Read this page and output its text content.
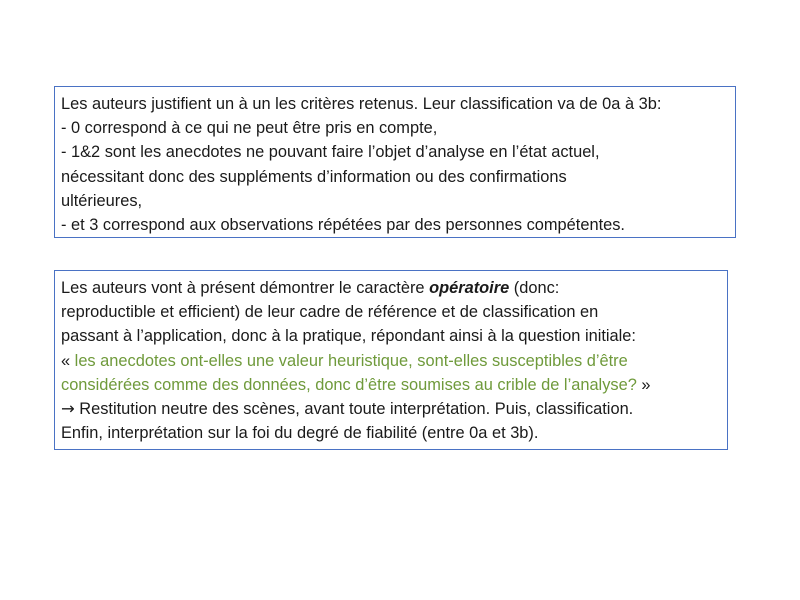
Les auteurs justifient un à un les critères retenus. Leur classification va de 0a à 3b:
- 0 correspond à ce qui ne peut être pris en compte,
- 1&2 sont les anecdotes ne pouvant faire l’objet d’analyse en l’état actuel,
nécessitant donc des suppléments d’information ou des confirmations
ultérieures,
- et 3 correspond aux observations répétées par des personnes compétentes.
Les auteurs vont à présent démontrer le caractère opératoire (donc:
reproductible et efficient) de leur cadre de référence et de classification en
passant à l’application, donc à la pratique, répondant ainsi à la question initiale:
« les anecdotes ont-elles une valeur heuristique, sont-elles susceptibles d’être
considérées comme des données, donc d’être soumises au crible de l’analyse? »
→ Restitution neutre des scènes, avant toute interprétation. Puis, classification.
Enfin, interprétation sur la foi du degré de fiabilité (entre 0a et 3b).
